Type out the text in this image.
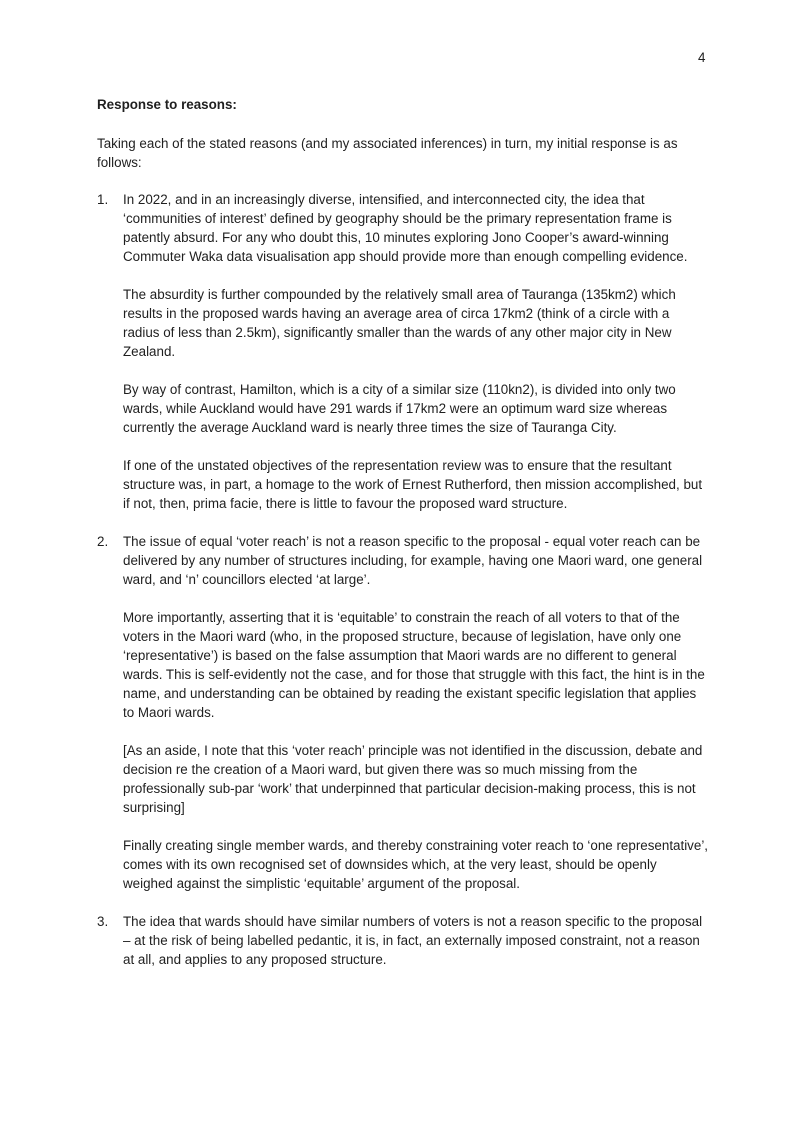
4
Response to reasons:

Taking each of the stated reasons (and my associated inferences) in turn, my initial response is as follows:

1. In 2022, and in an increasingly diverse, intensified, and interconnected city, the idea that ‘communities of interest’ defined by geography should be the primary representation frame is patently absurd. For any who doubt this, 10 minutes exploring Jono Cooper’s award-winning Commuter Waka data visualisation app should provide more than enough compelling evidence.
The absurdity is further compounded by the relatively small area of Tauranga (135km2) which results in the proposed wards having an average area of circa 17km2 (think of a circle with a radius of less than 2.5km), significantly smaller than the wards of any other major city in New Zealand.
By way of contrast, Hamilton, which is a city of a similar size (110kn2), is divided into only two wards, while Auckland would have 291 wards if 17km2 were an optimum ward size whereas currently the average Auckland ward is nearly three times the size of Tauranga City.
If one of the unstated objectives of the representation review was to ensure that the resultant structure was, in part, a homage to the work of Ernest Rutherford, then mission accomplished, but if not, then, prima facie, there is little to favour the proposed ward structure.
2. The issue of equal ‘voter reach’ is not a reason specific to the proposal - equal voter reach can be delivered by any number of structures including, for example, having one Maori ward, one general ward, and ‘n’ councillors elected ‘at large’.
More importantly, asserting that it is ‘equitable’ to constrain the reach of all voters to that of the voters in the Maori ward (who, in the proposed structure, because of legislation, have only one ‘representative’) is based on the false assumption that Maori wards are no different to general wards. This is self-evidently not the case, and for those that struggle with this fact, the hint is in the name, and understanding can be obtained by reading the existant specific legislation that applies to Maori wards.
[As an aside, I note that this ‘voter reach’ principle was not identified in the discussion, debate and decision re the creation of a Maori ward, but given there was so much missing from the professionally sub-par ‘work’ that underpinned that particular decision-making process, this is not surprising]
Finally creating single member wards, and thereby constraining voter reach to ‘one representative’, comes with its own recognised set of downsides which, at the very least, should be openly weighed against the simplistic ‘equitable’ argument of the proposal.
3. The idea that wards should have similar numbers of voters is not a reason specific to the proposal – at the risk of being labelled pedantic, it is, in fact, an externally imposed constraint, not a reason at all, and applies to any proposed structure.
